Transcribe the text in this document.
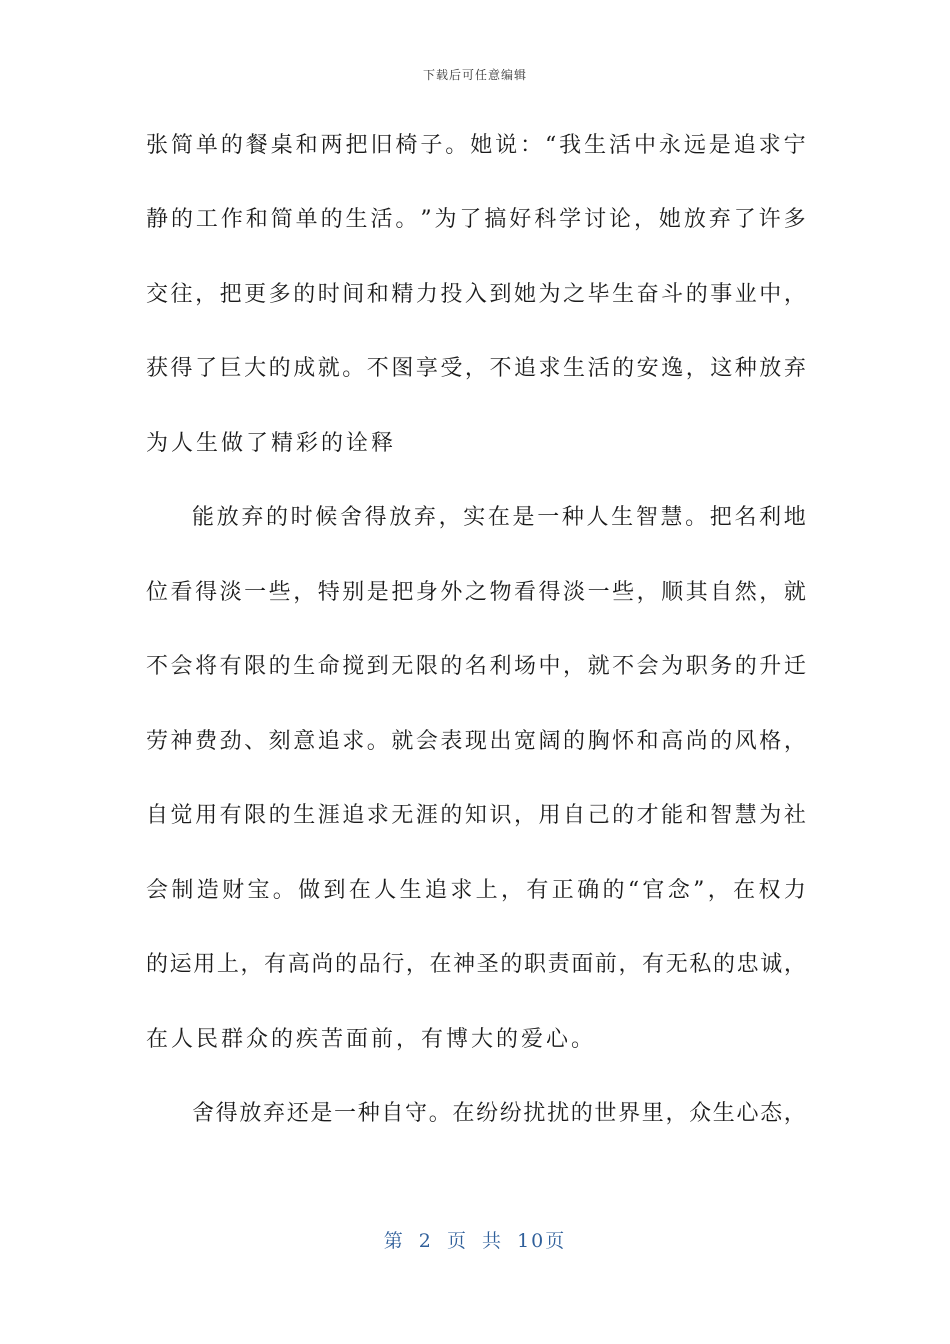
下载后可任意编辑
张 简 单 的 餐 桌 和 两 把 旧 椅 子 。 她 说 ： “ 我 生 活 中 永 远 是 追 求 宁
静 的 工 作 和 简 单 的 生 活 。 ” 为 了 搞 好 科 学 讨 论 ， 她 放 弃 了 许 多
交 往 ， 把 更 多 的 时 间 和 精 力 投 入 到 她 为 之 毕 生 奋 斗 的 事 业 中 ，
获 得 了 巨 大 的 成 就 。 不 图 享 受 ， 不 追 求 生 活 的 安 逸 ， 这 种 放 弃
为人生做了精彩的诠释
能 放 弃 的 时 候 舍 得 放 弃 ， 实 在 是 一 种 人 生 智 慧 。 把 名 利 地
位 看 得 淡 一 些 ， 特 别 是 把 身 外 之 物 看 得 淡 一 些 ， 顺 其 自 然 ， 就
不 会 将 有 限 的 生 命 搅 到 无 限 的 名 利 场 中 ， 就 不 会 为 职 务 的 升 迁
劳 神 费 劲 、 刻 意 追 求 。 就 会 表 现 出 宽 阔 的 胸 怀 和 高 尚 的 风 格 ，
自 觉 用 有 限 的 生 涯 追 求 无 涯 的 知 识 ， 用 自 己 的 才 能 和 智 慧 为 社
会 制 造 财 宝 。 做 到 在 人 生 追 求 上 ， 有 正 确 的 “ 官 念 ” ， 在 权 力
的 运 用 上 ， 有 高 尚 的 品 行 ， 在 神 圣 的 职 责 面 前 ， 有 无 私 的 忠 诚 ，
在人民群众的疾苦面前，有博大的爱心。
舍 得 放 弃 还 是 一 种 自 守 。 在 纷 纷 扰 扰 的 世 界 里 ， 众 生 心 态 ，
第 2 页 共 10页
